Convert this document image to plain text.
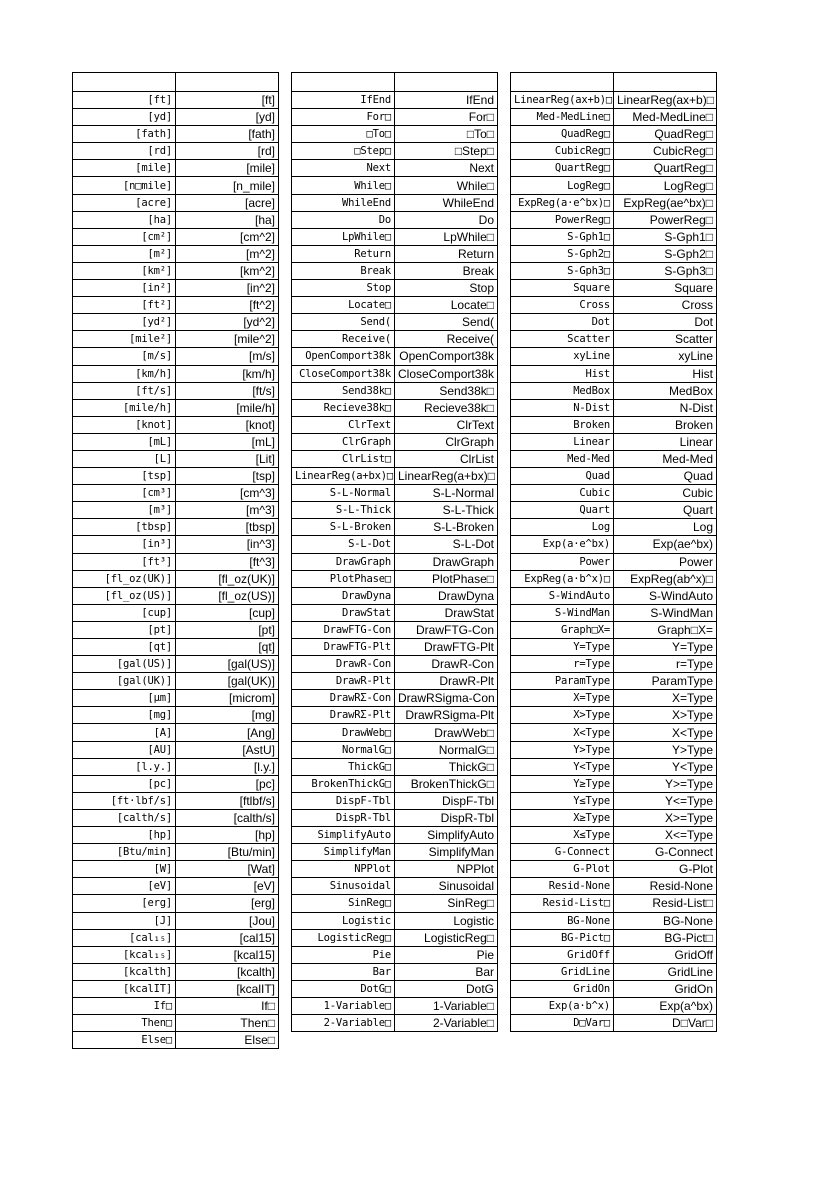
[ft]	[ft]
[yd]	[yd]
[fath]	[fath]
[rd]	[rd]
[mile]	[mile]
[n□mile]	[n_mile]
[acre]	[acre]
[ha]	[ha]
[cm²]	[cm^2]
[m²]	[m^2]
[km²]	[km^2]
[in²]	[in^2]
[ft²]	[ft^2]
[yd²]	[yd^2]
[mile²]	[mile^2]
[m/s]	[m/s]
[km/h]	[km/h]
[ft/s]	[ft/s]
[mile/h]	[mile/h]
[knot]	[knot]
[mL]	[mL]
[L]	[Lit]
[tsp]	[tsp]
[cm³]	[cm^3]
[m³]	[m^3]
[tbsp]	[tbsp]
[in³]	[in^3]
[ft³]	[ft^3]
[fl_oz(UK)]	[fl_oz(UK)]
[fl_oz(US)]	[fl_oz(US)]
[cup]	[cup]
[pt]	[pt]
[qt]	[qt]
[gal(US)]	[gal(US)]
[gal(UK)]	[gal(UK)]
[μm]	[microm]
[mg]	[mg]
[A]	[Ang]
[AU]	[AstU]
[l.y.]	[l.y.]
[pc]	[pc]
[ft·lbf/s]	[ftlbf/s]
[calth/s]	[calth/s]
[hp]	[hp]
[Btu/min]	[Btu/min]
[W]	[Wat]
[eV]	[eV]
[erg]	[erg]
[J]	[Jou]
[cal₁₅]	[cal15]
[kcal₁₅]	[kcal15]
[kcalth]	[kcalth]
[kcalIT]	[kcalIT]
If□	If□
Then□	Then□
Else□	Else□

IfEnd	IfEnd
For□	For□
□To□	□To□
□Step□	□Step□
Next	Next
While□	While□
WhileEnd	WhileEnd
Do	Do
LpWhile□	LpWhile□
Return	Return
Break	Break
Stop	Stop
Locate□	Locate□
Send(	Send(
Receive(	Receive(
OpenComport38k	OpenComport38k
CloseComport38k	CloseComport38k
Send38k□	Send38k□
Recieve38k□	Recieve38k□
ClrText	ClrText
ClrGraph	ClrGraph
ClrList□	ClrList
LinearReg(a+bx)□	LinearReg(a+bx)□
S-L-Normal	S-L-Normal
S-L-Thick	S-L-Thick
S-L-Broken	S-L-Broken
S-L-Dot	S-L-Dot
DrawGraph	DrawGraph
PlotPhase□	PlotPhase□
DrawDyna	DrawDyna
DrawStat	DrawStat
DrawFTG-Con	DrawFTG-Con
DrawFTG-Plt	DrawFTG-Plt
DrawR-Con	DrawR-Con
DrawR-Plt	DrawR-Plt
DrawRΣ-Con	DrawRSigma-Con
DrawRΣ-Plt	DrawRSigma-Plt
DrawWeb□	DrawWeb□
NormalG□	NormalG□
ThickG□	ThickG□
BrokenThickG□	BrokenThickG□
DispF-Tbl	DispF-Tbl
DispR-Tbl	DispR-Tbl
SimplifyAuto	SimplifyAuto
SimplifyMan	SimplifyMan
NPPlot	NPPlot
Sinusoidal	Sinusoidal
SinReg□	SinReg□
Logistic	Logistic
LogisticReg□	LogisticReg□
Pie	Pie
Bar	Bar
DotG□	DotG
1-Variable□	1-Variable□
2-Variable□	2-Variable□

LinearReg(ax+b)□	LinearReg(ax+b)□
Med-MedLine□	Med-MedLine□
QuadReg□	QuadReg□
CubicReg□	CubicReg□
QuartReg□	QuartReg□
LogReg□	LogReg□
ExpReg(a·e^bx)□	ExpReg(ae^bx)□
PowerReg□	PowerReg□
S-Gph1□	S-Gph1□
S-Gph2□	S-Gph2□
S-Gph3□	S-Gph3□
Square	Square
Cross	Cross
Dot	Dot
Scatter	Scatter
xyLine	xyLine
Hist	Hist
MedBox	MedBox
N-Dist	N-Dist
Broken	Broken
Linear	Linear
Med-Med	Med-Med
Quad	Quad
Cubic	Cubic
Quart	Quart
Log	Log
Exp(a·e^bx)	Exp(ae^bx)
Power	Power
ExpReg(a·b^x)□	ExpReg(ab^x)□
S-WindAuto	S-WindAuto
S-WindMan	S-WindMan
Graph□X=	Graph□X=
Y=Type	Y=Type
r=Type	r=Type
ParamType	ParamType
X=Type	X=Type
X>Type	X>Type
X<Type	X<Type
Y>Type	Y>Type
Y<Type	Y<Type
Y≥Type	Y>=Type
Y≤Type	Y<=Type
X≥Type	X>=Type
X≤Type	X<=Type
G-Connect	G-Connect
G-Plot	G-Plot
Resid-None	Resid-None
Resid-List□	Resid-List□
BG-None	BG-None
BG-Pict□	BG-Pict□
GridOff	GridOff
GridLine	GridLine
GridOn	GridOn
Exp(a·b^x)	Exp(a^bx)
D□Var□	D□Var□
